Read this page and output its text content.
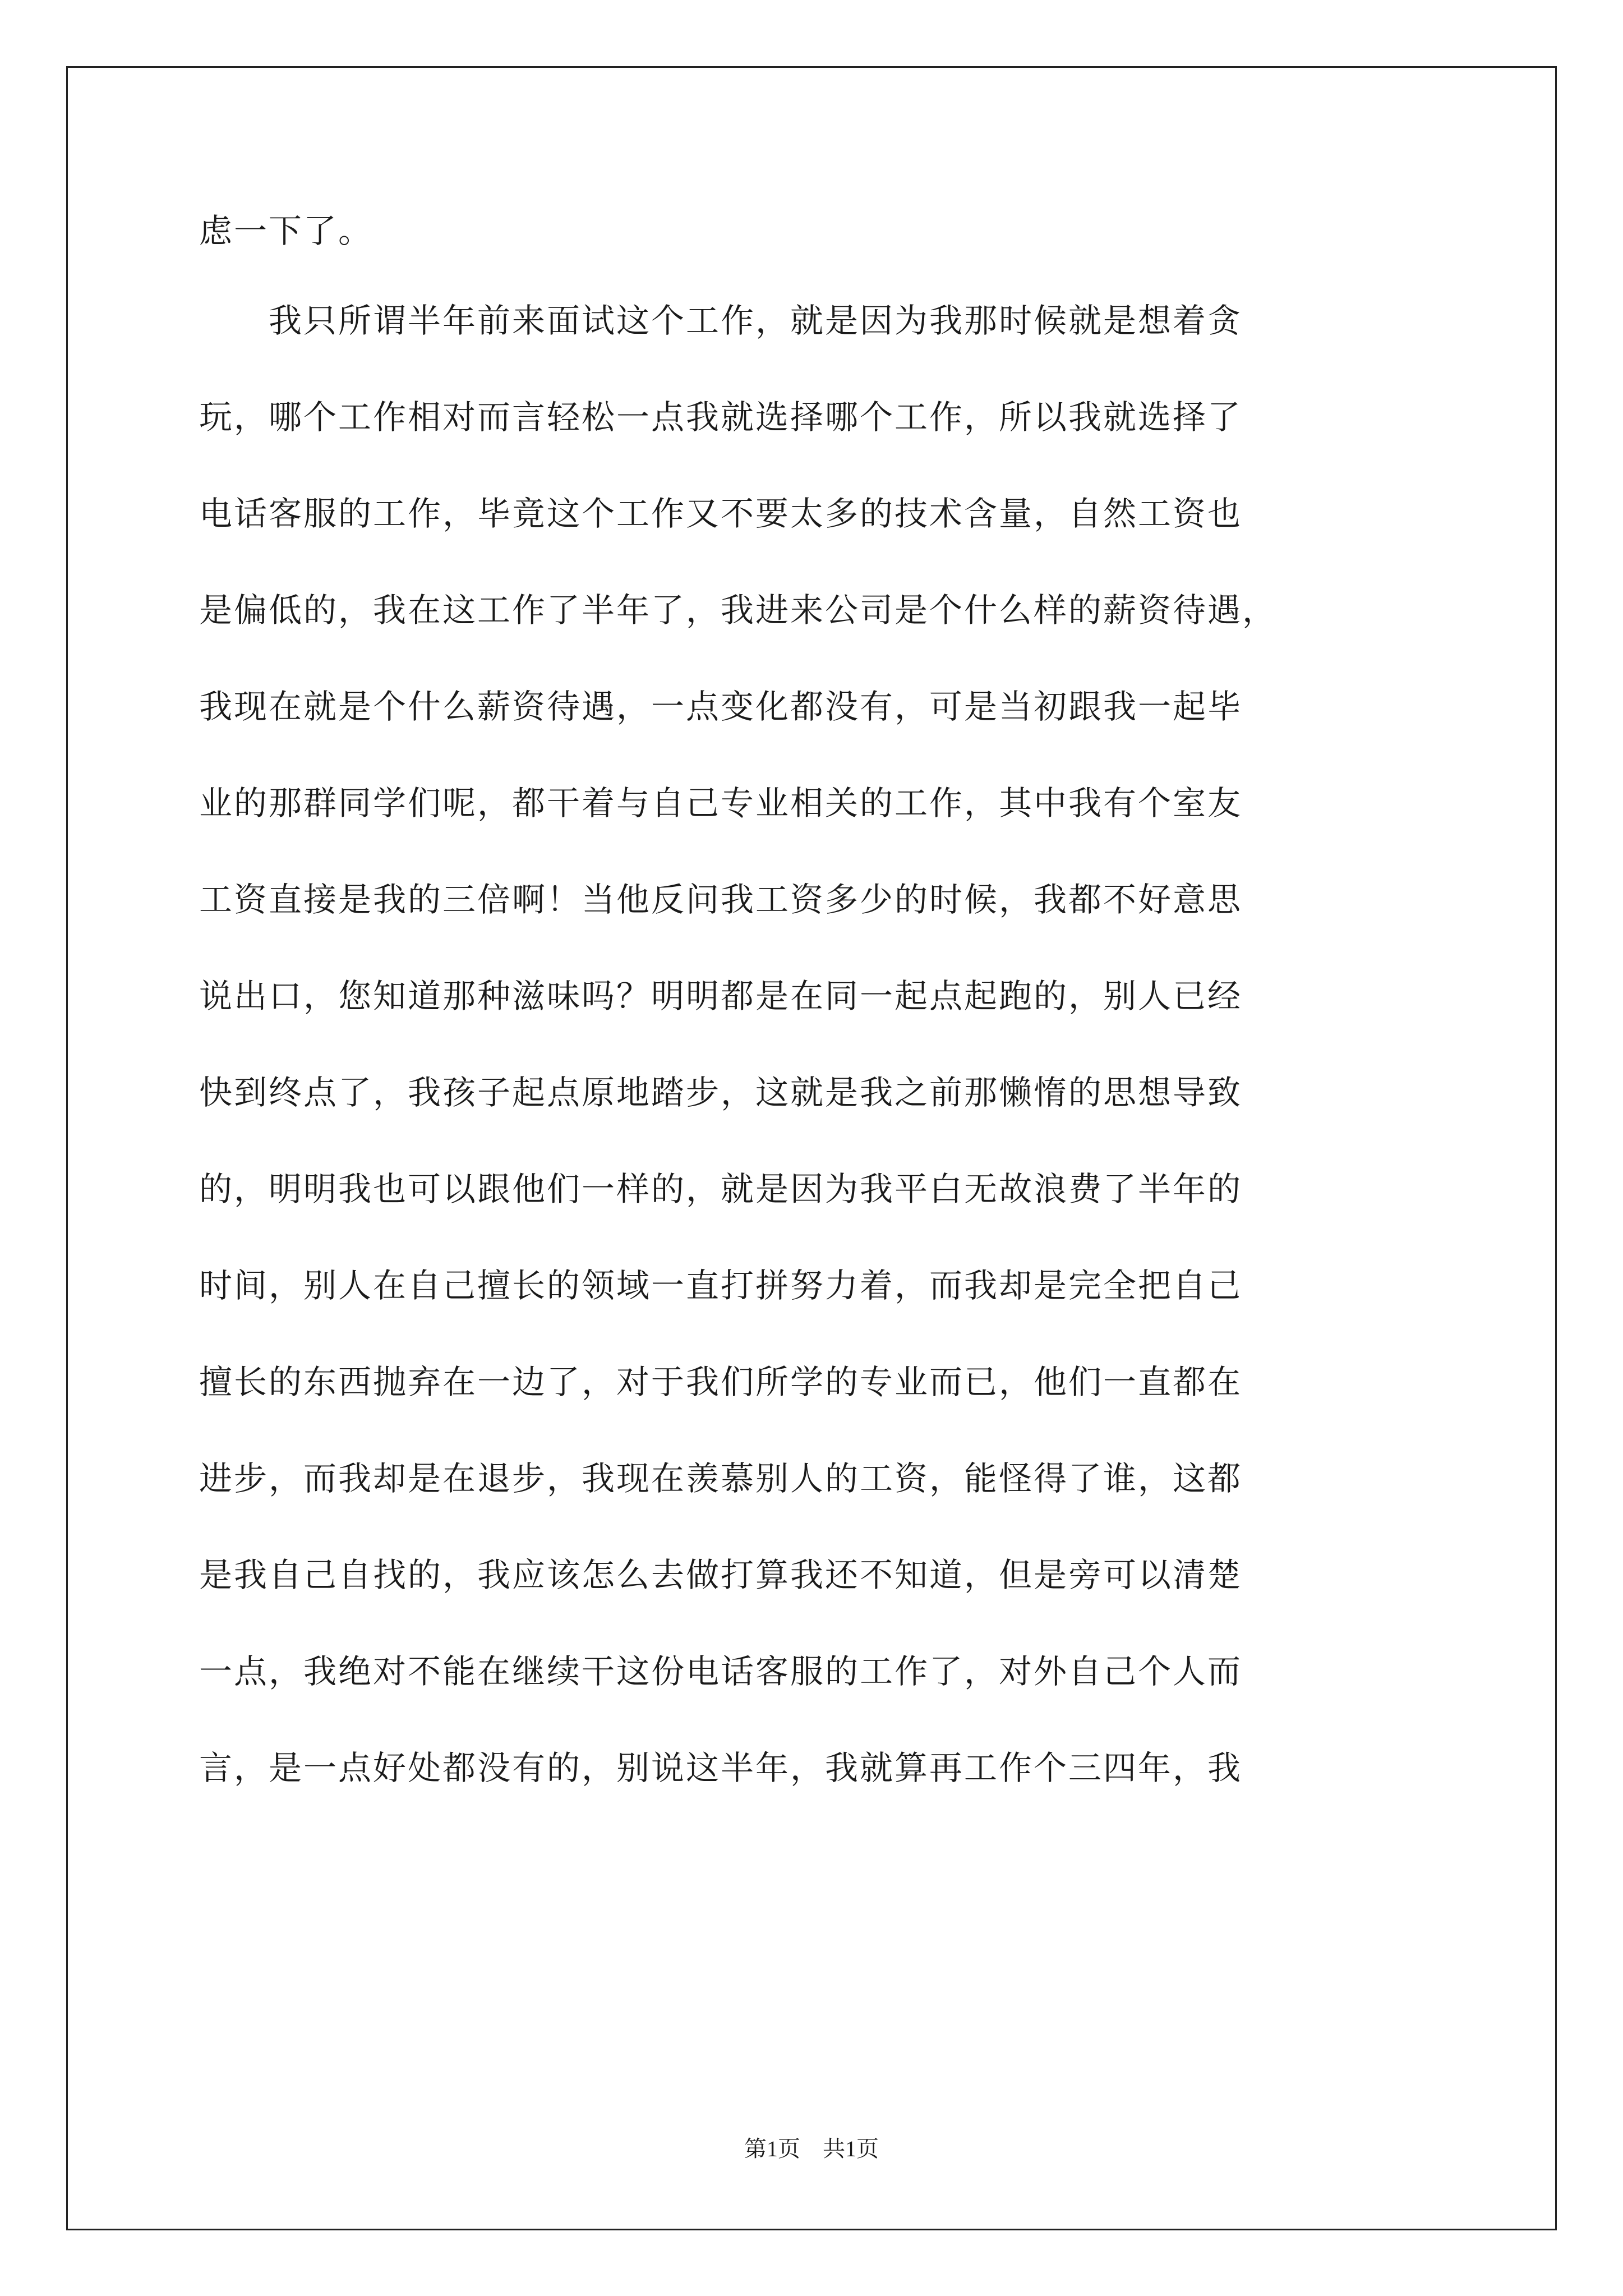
虑一下了。
　　我只所谓半年前来面试这个工作，就是因为我那时候就是想着贪
玩，哪个工作相对而言轻松一点我就选择哪个工作，所以我就选择了
电话客服的工作，毕竟这个工作又不要太多的技术含量，自然工资也
是偏低的，我在这工作了半年了，我进来公司是个什么样的薪资待遇，
我现在就是个什么薪资待遇，一点变化都没有，可是当初跟我一起毕
业的那群同学们呢，都干着与自己专业相关的工作，其中我有个室友
工资直接是我的三倍啊！当他反问我工资多少的时候，我都不好意思
说出口，您知道那种滋味吗？明明都是在同一起点起跑的，别人已经
快到终点了，我孩子起点原地踏步，这就是我之前那懒惰的思想导致
的，明明我也可以跟他们一样的，就是因为我平白无故浪费了半年的
时间，别人在自己擅长的领域一直打拼努力着，而我却是完全把自己
擅长的东西抛弃在一边了，对于我们所学的专业而已，他们一直都在
进步，而我却是在退步，我现在羡慕别人的工资，能怪得了谁，这都
是我自己自找的，我应该怎么去做打算我还不知道，但是旁可以清楚
一点，我绝对不能在继续干这份电话客服的工作了，对外自己个人而
言，是一点好处都没有的，别说这半年，我就算再工作个三四年，我
第1页　共1页
